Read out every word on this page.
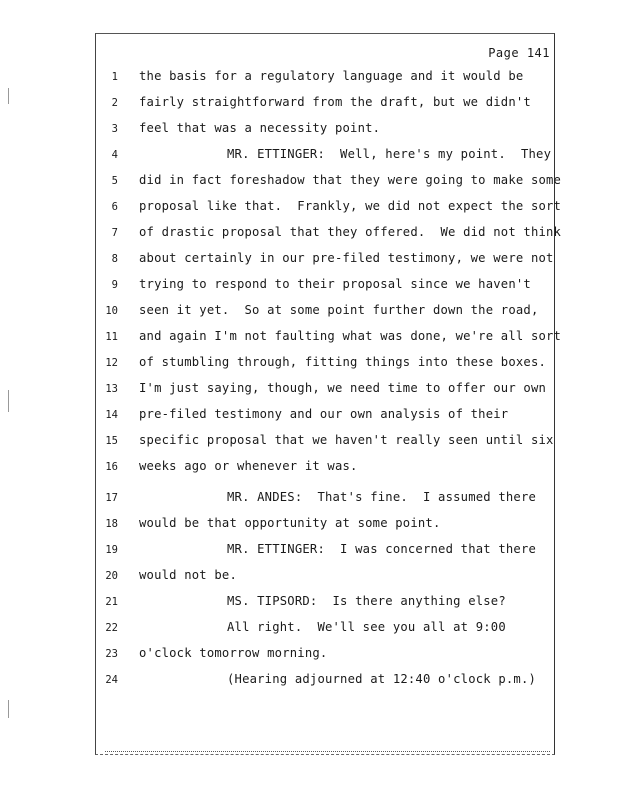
Page 141
1 the basis for a regulatory language and it would be
2 fairly straightforward from the draft, but we didn't
3 feel that was a necessity point.
4	MR. ETTINGER:  Well, here's my point.  They
5 did in fact foreshadow that they were going to make some
6 proposal like that.  Frankly, we did not expect the sort
7 of drastic proposal that they offered.  We did not think
8 about certainly in our pre-filed testimony, we were not
9 trying to respond to their proposal since we haven't
10 seen it yet.  So at some point further down the road,
11 and again I'm not faulting what was done, we're all sort
12 of stumbling through, fitting things into these boxes.
13 I'm just saying, though, we need time to offer our own
14 pre-filed testimony and our own analysis of their
15 specific proposal that we haven't really seen until six
16 weeks ago or whenever it was.
17	MR. ANDES:  That's fine.  I assumed there
18 would be that opportunity at some point.
19	MR. ETTINGER:  I was concerned that there
20 would not be.
21	MS. TIPSORD:  Is there anything else?
22	All right.  We'll see you all at 9:00
23 o'clock tomorrow morning.
24	(Hearing adjourned at 12:40 o'clock p.m.)
